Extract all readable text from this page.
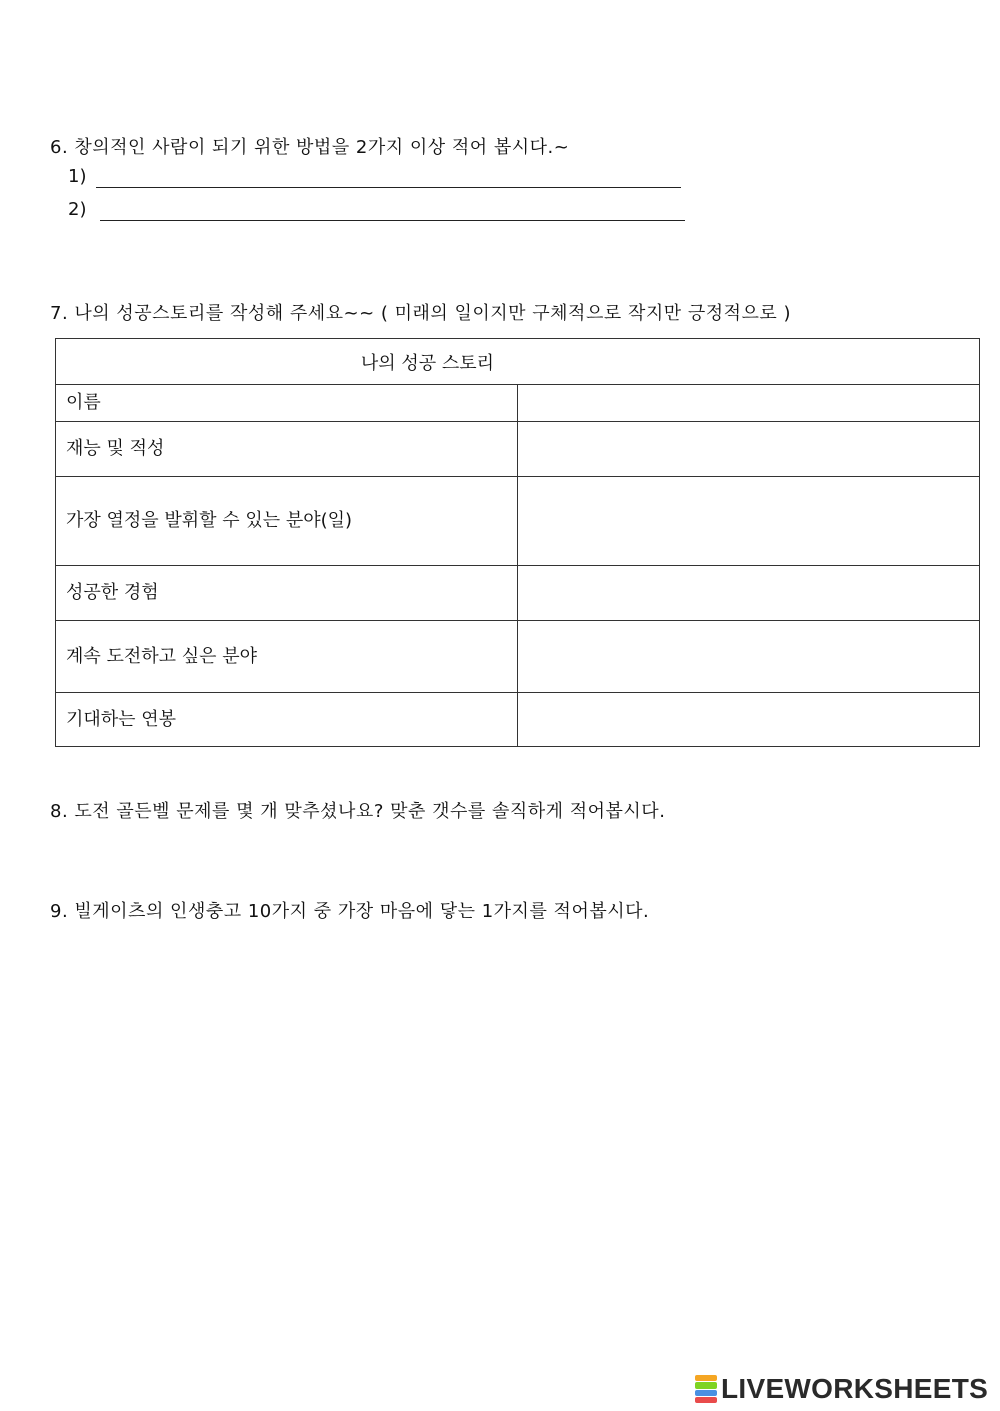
6. 창의적인 사람이 되기 위한 방법을 2가지 이상 적어 봅시다.~
1)
2)
7. 나의 성공스토리를 작성해 주세요~~ ( 미래의 일이지만 구체적으로 작지만 긍정적으로 )
나의 성공 스토리	
이름	
재능 및 적성	
가장 열정을 발휘할 수 있는 분야(일)	
성공한 경험	
계속 도전하고 싶은 분야	
기대하는 연봉	
8. 도전 골든벨 문제를 몇 개 맞추셨나요? 맞춘 갯수를 솔직하게 적어봅시다.
9. 빌게이츠의 인생충고 10가지 중 가장 마음에 닿는 1가지를 적어봅시다.
LIVEWORKSHEETS
